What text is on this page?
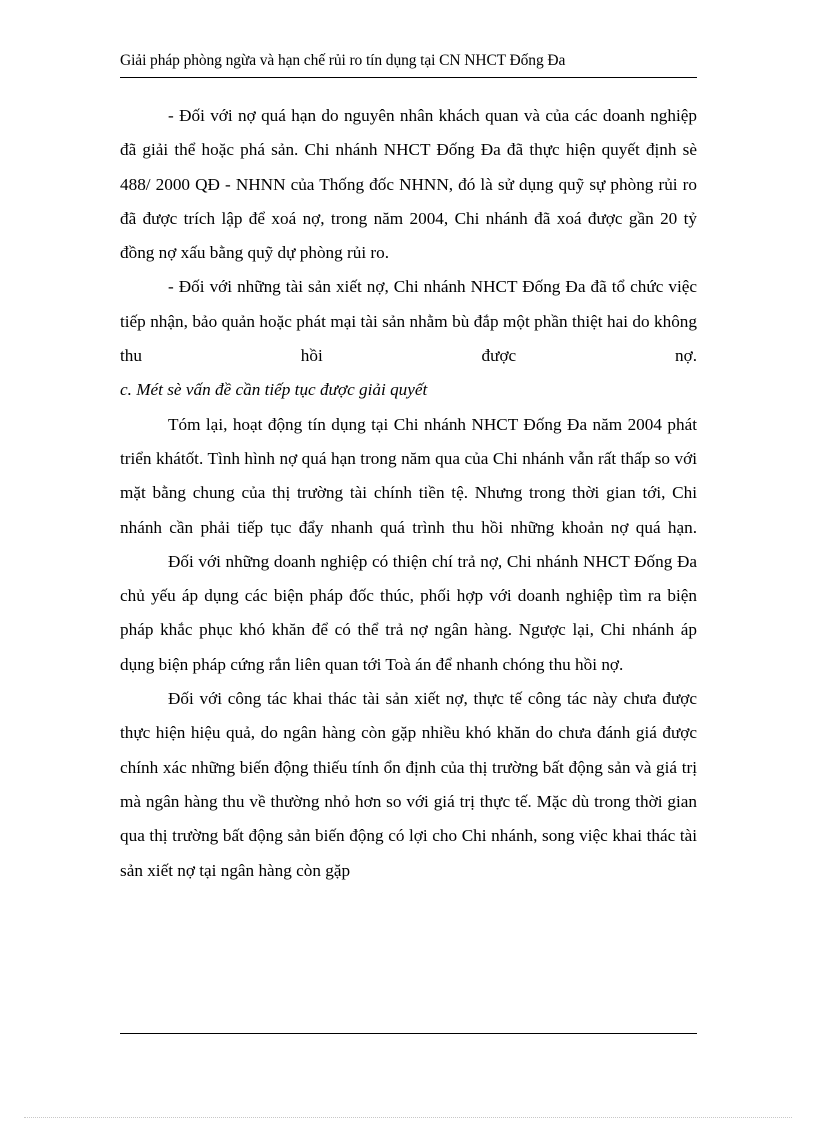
Giải pháp phòng ngừa và hạn chế rủi ro tín dụng tại CN NHCT Đống Đa

- Đối với nợ quá hạn do nguyên nhân khách quan và của các doanh nghiệp đã giải thể hoặc phá sản. Chi nhánh NHCT Đống Đa đã thực hiện quyết định sè 488/ 2000 QĐ - NHNN của Thống đốc NHNN, đó là sử dụng quỹ sự phòng rủi ro đã được trích lập để xoá nợ, trong năm 2004, Chi nhánh đã xoá được gần 20 tỷ đồng nợ xấu bằng quỹ dự phòng rủi ro.

- Đối với những tài sản xiết nợ, Chi nhánh NHCT Đống Đa đã tổ chức việc tiếp nhận, bảo quản hoặc phát mại tài sản nhằm bù đắp một phần thiệt hai do không thu hồi được nợ.

c. Mét sè vấn đề cần tiếp tục được giải quyết

Tóm lại, hoạt động tín dụng tại Chi nhánh NHCT Đống Đa năm 2004 phát triển khátốt. Tình hình nợ quá hạn trong năm qua của Chi nhánh vẫn rất thấp so với mặt bằng chung của thị trường tài chính tiền tệ. Nhưng trong thời gian tới, Chi nhánh cần phải tiếp tục đẩy nhanh quá trình thu hồi những khoản nợ quá hạn.

Đối với những doanh nghiệp có thiện chí trả nợ, Chi nhánh NHCT Đống Đa chủ yếu áp dụng các biện pháp đốc thúc, phối hợp với doanh nghiệp tìm ra biện pháp khắc phục khó khăn để có thể trả nợ ngân hàng. Ngược lại, Chi nhánh áp dụng biện pháp cứng rắn liên quan tới Toà án để nhanh chóng thu hồi nợ.

Đối với công tác khai thác tài sản xiết nợ, thực tế công tác này chưa được thực hiện hiệu quả, do ngân hàng còn gặp nhiều khó khăn do chưa đánh giá được chính xác những biến động thiếu tính ổn định của thị trường bất động sản và giá trị mà ngân hàng thu về thường nhỏ hơn so với giá trị thực tế. Mặc dù trong thời gian qua thị trường bất động sản biến động có lợi cho Chi nhánh, song việc khai thác tài sản xiết nợ tại ngân hàng còn gặp
